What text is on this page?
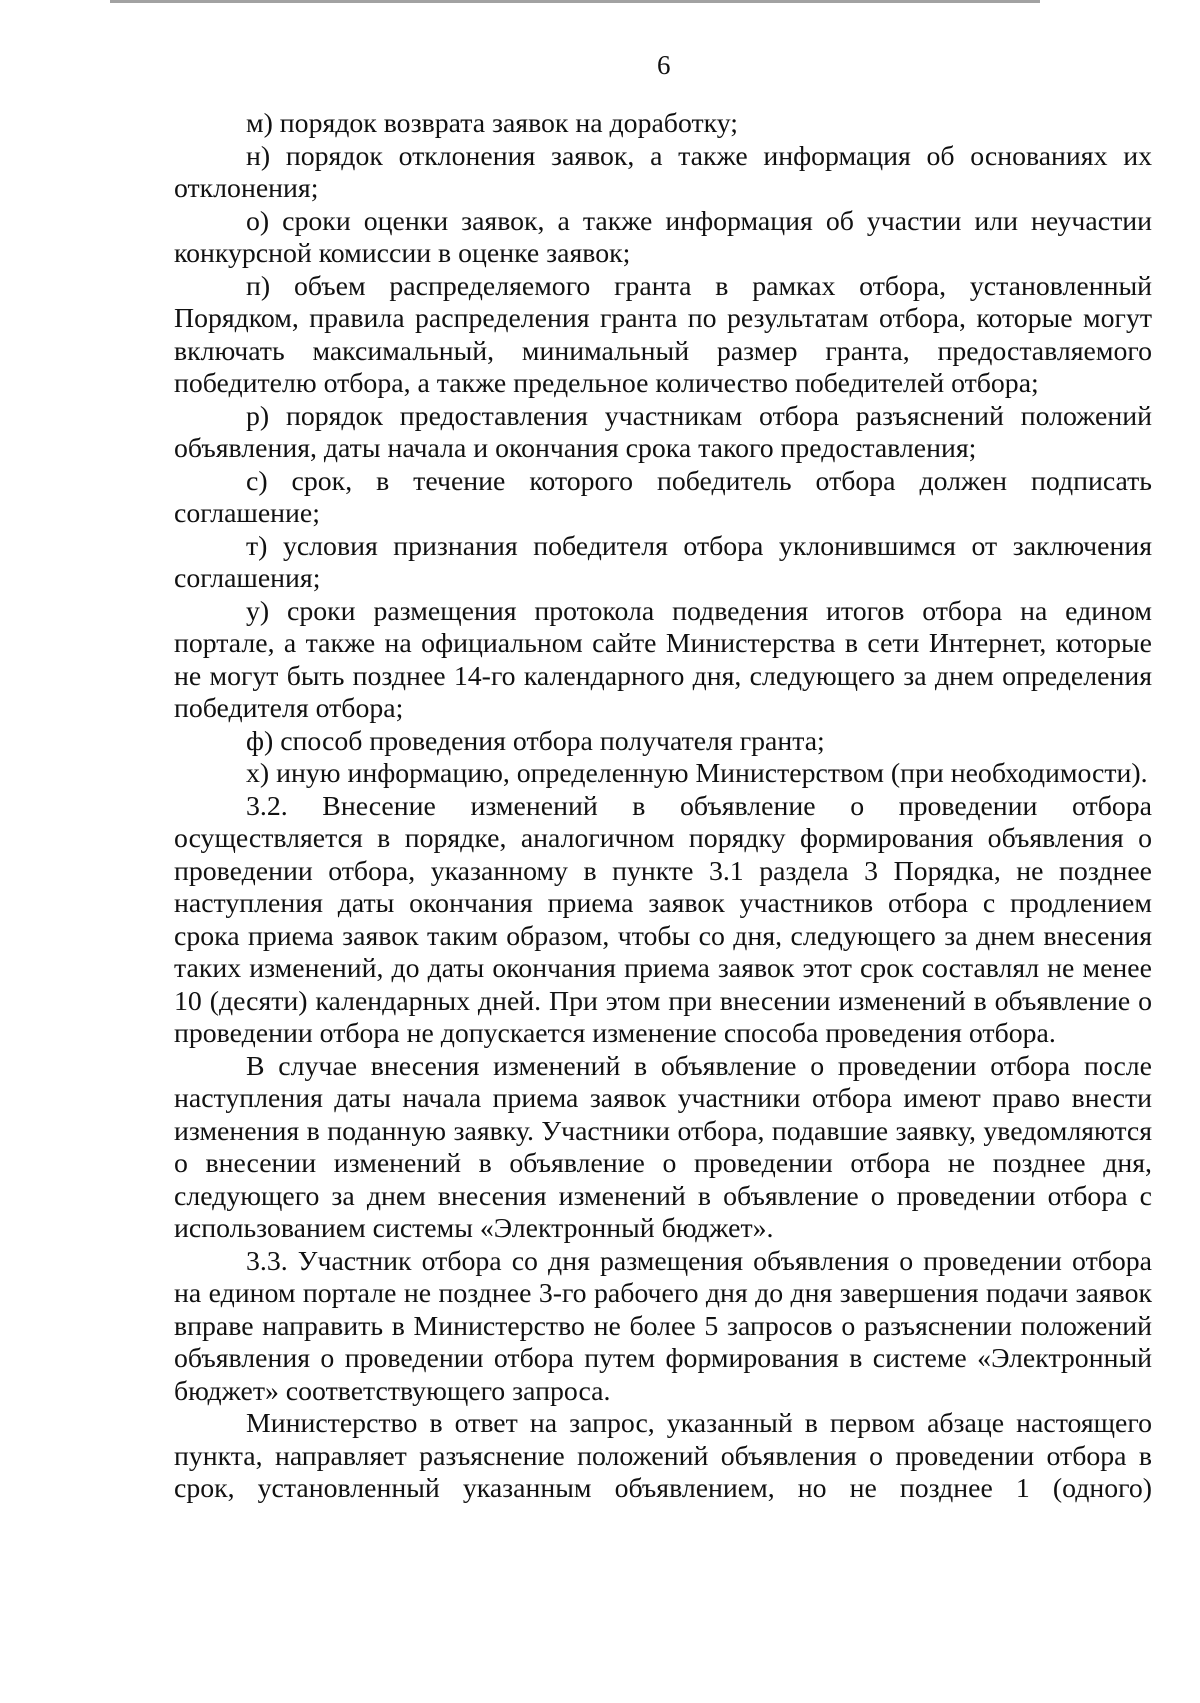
6

м) порядок возврата заявок на доработку;

н) порядок отклонения заявок, а также информация об основаниях их отклонения;

о) сроки оценки заявок, а также информация об участии или неучастии конкурсной комиссии в оценке заявок;

п) объем распределяемого гранта в рамках отбора, установленный Порядком, правила распределения гранта по результатам отбора, которые могут включать максимальный, минимальный размер гранта, предоставляемого победителю отбора, а также предельное количество победителей отбора;

р) порядок предоставления участникам отбора разъяснений положений объявления, даты начала и окончания срока такого предоставления;

с) срок, в течение которого победитель отбора должен подписать соглашение;

т) условия признания победителя отбора уклонившимся от заключения соглашения;

у) сроки размещения протокола подведения итогов отбора на едином портале, а также на официальном сайте Министерства в сети Интернет, которые не могут быть позднее 14-го календарного дня, следующего за днем определения победителя отбора;

ф) способ проведения отбора получателя гранта;

х) иную информацию, определенную Министерством (при необходимости).

3.2. Внесение изменений в объявление о проведении отбора осуществляется в порядке, аналогичном порядку формирования объявления о проведении отбора, указанному в пункте 3.1 раздела 3 Порядка, не позднее наступления даты окончания приема заявок участников отбора с продлением срока приема заявок таким образом, чтобы со дня, следующего за днем внесения таких изменений, до даты окончания приема заявок этот срок составлял не менее 10 (десяти) календарных дней. При этом при внесении изменений в объявление о проведении отбора не допускается изменение способа проведения отбора.

В случае внесения изменений в объявление о проведении отбора после наступления даты начала приема заявок участники отбора имеют право внести изменения в поданную заявку. Участники отбора, подавшие заявку, уведомляются о внесении изменений в объявление о проведении отбора не позднее дня, следующего за днем внесения изменений в объявление о проведении отбора с использованием системы «Электронный бюджет».

3.3. Участник отбора со дня размещения объявления о проведении отбора на едином портале не позднее 3-го рабочего дня до дня завершения подачи заявок вправе направить в Министерство не более 5 запросов о разъяснении положений объявления о проведении отбора путем формирования в системе «Электронный бюджет» соответствующего запроса.

Министерство в ответ на запрос, указанный в первом абзаце настоящего пункта, направляет разъяснение положений объявления о проведении отбора в срок, установленный указанным объявлением, но не позднее 1 (одного)
